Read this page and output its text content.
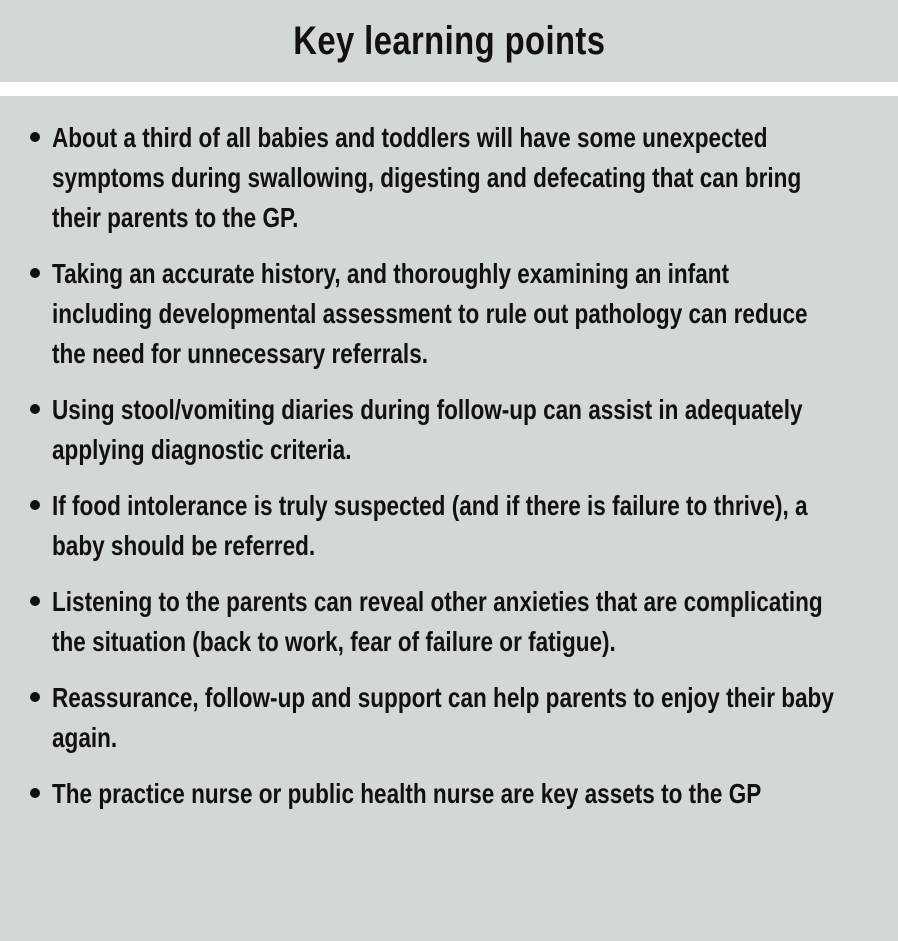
Key learning points
About a third of all babies and toddlers will have some unexpected symptoms during swallowing, digesting and defecating that can bring their parents to the GP.
Taking an accurate history, and thoroughly examining an infant including developmental assessment to rule out pathology can reduce the need for unnecessary referrals.
Using stool/vomiting diaries during follow-up can assist in adequately applying diagnostic criteria.
If food intolerance is truly suspected (and if there is failure to thrive), a baby should be referred.
Listening to the parents can reveal other anxieties that are complicating the situation (back to work, fear of failure or fatigue).
Reassurance, follow-up and support can help parents to enjoy their baby again.
The practice nurse or public health nurse are key assets to the GP
